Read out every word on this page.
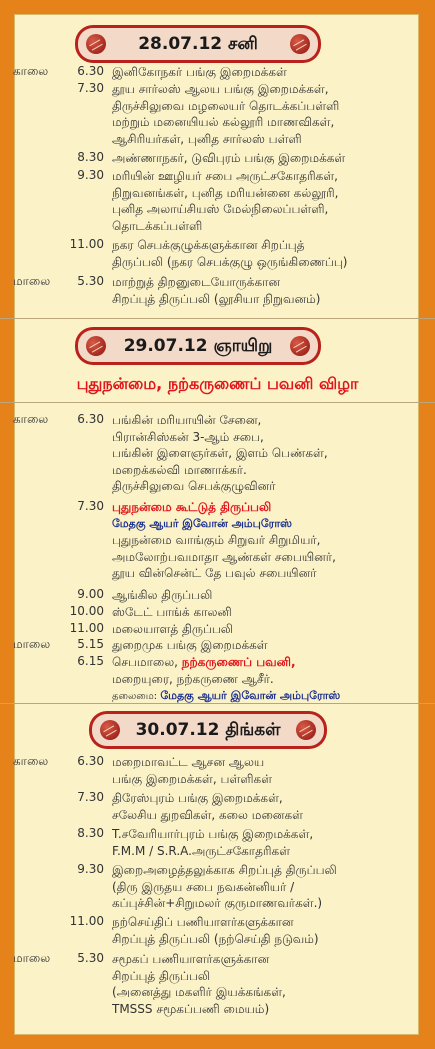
28.07.12 சனி
காலை	6.30 இனிகோநகர் பங்கு இறைமக்கள்
7.30 தூய சார்லஸ் ஆலய பங்கு இறைமக்கள்,
திருச்சிலுவை மழலையர் தொடக்கப்பள்ளி
மற்றும் மனையியல் கல்லூரி மாணவிகள்,
ஆசிரியர்கள், புனித சார்லஸ் பள்ளி
8.30 அண்ணாநகர், டுவிபுரம் பங்கு இறைமக்கள்
9.30 மரியின் ஊழியர் சபை அருட்சகோதரிகள்,
நிறுவனங்கள், புனித மரியன்னை கல்லூரி,
புனித அலாய்சியஸ் மேல்நிலைப்பள்ளி,
தொடக்கப்பள்ளி
11.00 நகர செபக்குழுக்களுக்கான சிறப்புத்
திருப்பலி (நகர செபக்குழு ஒருங்கிணைப்பு)
மாலை	5.30 மாற்றுத் திறனுடையோருக்கான
சிறப்புத் திருப்பலி (லூசியா நிறுவனம்)
29.07.12 ஞாயிறு
புதுநன்மை, நற்கருணைப் பவனி விழா
காலை	6.30 பங்கின் மரியாயின் சேனை,
பிரான்சிஸ்கன் 3-ஆம் சபை,
பங்கின் இளைஞர்கள், இளம் பெண்கள்,
மறைக்கல்வி மாணாக்கர்.
திருச்சிலுவை செபக்குழுவினர்
7.30 புதுநன்மை கூட்டுத் திருப்பலி
மேதகு ஆயர் இவோன் அம்புரோஸ்
புதுநன்மை வாங்கும் சிறுவர் சிறுமியர்,
அமலோற்பவமாதா ஆண்கள் சபையினர்,
தூய வின்சென்ட் தே பவுல் சபையினர்
9.00 ஆங்கில திருப்பலி
10.00 ஸ்டேட் பாங்க் காலனி
11.00 மலையாளத் திருப்பலி
மாலை	5.15 துறைமுக பங்கு இறைமக்கள்
6.15 செபமாலை, நற்கருணைப் பவனி,
மறையுரை, நற்கருணை ஆசீர்.
தலைமை: மேதகு ஆயர் இவோன் அம்புரோஸ்
30.07.12 திங்கள்
காலை	6.30 மறைமாவட்ட ஆசன ஆலய
பங்கு இறைமக்கள், பள்ளிகள்
7.30 திரேஸ்புரம் பங்கு இறைமக்கள்,
சலேசிய துறவிகள், கலை மனைகள்
8.30 T.சவேரியார்புரம் பங்கு இறைமக்கள்,
F.M.M / S.R.A.அருட்சகோதரிகள்
9.30 இறைஅழைத்தலுக்காக சிறப்புத் திருப்பலி
(திரு இருதய சபை நவகன்னியர் /
கப்புச்சின்+சிறுமலர் குருமாணவர்கள்.)
11.00 நற்செய்திப் பணியாளர்களுக்கான
சிறப்புத் திருப்பலி (நற்செய்தி நடுவம்)
மாலை	5.30 சமூகப் பணியாளர்களுக்கான
சிறப்புத் திருப்பலி
(அனைத்து மகளிர் இயக்கங்கள்,
TMSSS சமூகப்பணி மையம்)
